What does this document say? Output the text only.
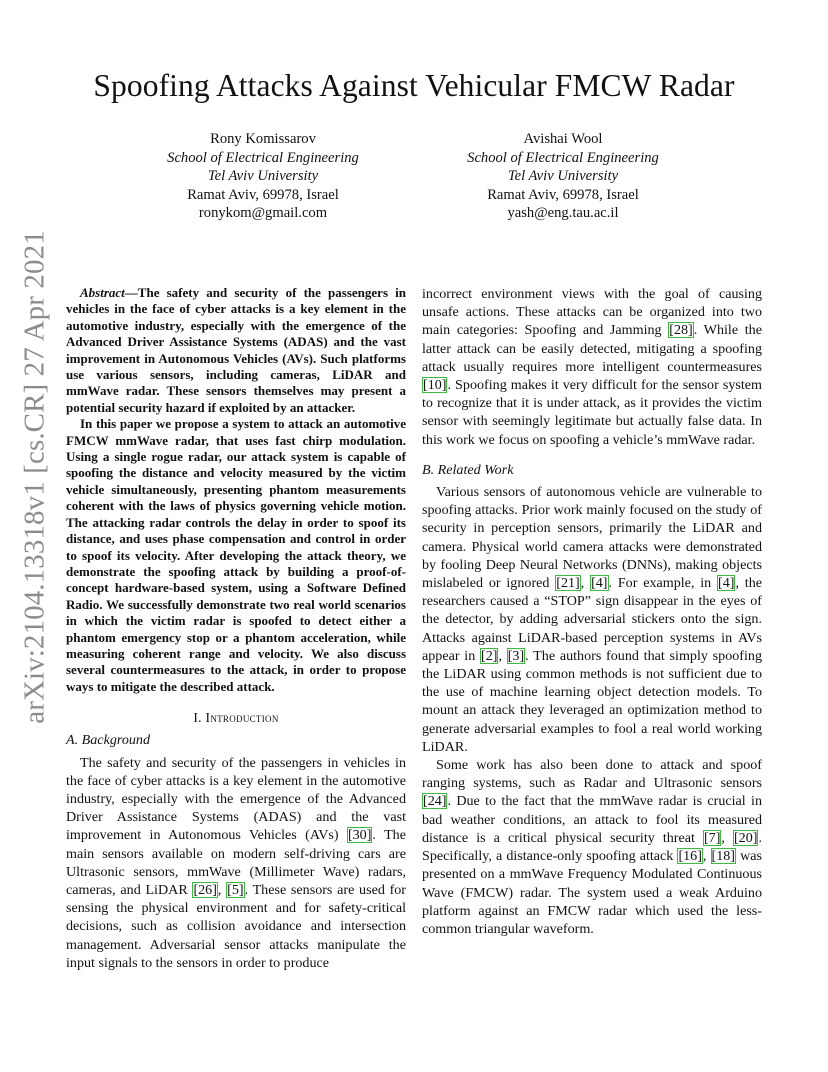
Spoofing Attacks Against Vehicular FMCW Radar
Rony Komissarov
School of Electrical Engineering
Tel Aviv University
Ramat Aviv, 69978, Israel
ronykom@gmail.com
Avishai Wool
School of Electrical Engineering
Tel Aviv University
Ramat Aviv, 69978, Israel
yash@eng.tau.ac.il
arXiv:2104.13318v1 [cs.CR] 27 Apr 2021	Abstract—The safety and security of the passengers in vehicles in the face of cyber attacks is a key element in the automotive industry, especially with the emergence of the Advanced Driver Assistance Systems (ADAS) and the vast improvement in Autonomous Vehicles (AVs). Such platforms use various sensors, including cameras, LiDAR and mmWave radar. These sensors themselves may present a potential security hazard if exploited by an attacker.

In this paper we propose a system to attack an automotive FMCW mmWave radar, that uses fast chirp modulation. Using a single rogue radar, our attack system is capable of spoofing the distance and velocity measured by the victim vehicle simultaneously, presenting phantom measurements coherent with the laws of physics governing vehicle motion. The attacking radar controls the delay in order to spoof its distance, and uses phase compensation and control in order to spoof its velocity. After developing the attack theory, we demonstrate the spoofing attack by building a proof-of-concept hardware-based system, using a Software Defined Radio. We successfully demonstrate two real world scenarios in which the victim radar is spoofed to detect either a phantom emergency stop or a phantom acceleration, while measuring coherent range and velocity. We also discuss several countermeasures to the attack, in order to propose ways to mitigate the described attack.

I. Introduction
A. Background

The safety and security of the passengers in vehicles in the face of cyber attacks is a key element in the automotive industry, especially with the emergence of the Advanced Driver Assistance Systems (ADAS) and the vast improvement in Autonomous Vehicles (AVs) [30]. The main sensors available on modern self-driving cars are Ultrasonic sensors, mmWave (Millimeter Wave) radars, cameras, and LiDAR [26], [5]. These sensors are used for sensing the physical environment and for safety-critical decisions, such as collision avoidance and intersection management. Adversarial sensor attacks manipulate the input signals to the sensors in order to produce

incorrect environment views with the goal of causing unsafe actions. These attacks can be organized into two main categories: Spoofing and Jamming [28]. While the latter attack can be easily detected, mitigating a spoofing attack usually requires more intelligent countermeasures [10]. Spoofing makes it very difficult for the sensor system to recognize that it is under attack, as it provides the victim sensor with seemingly legitimate but actually false data. In this work we focus on spoofing a vehicle’s mmWave radar.

B. Related Work

Various sensors of autonomous vehicle are vulnerable to spoofing attacks. Prior work mainly focused on the study of security in perception sensors, primarily the LiDAR and camera. Physical world camera attacks were demonstrated by fooling Deep Neural Networks (DNNs), making objects mislabeled or ignored [21], [4]. For example, in [4], the researchers caused a “STOP” sign disappear in the eyes of the detector, by adding adversarial stickers onto the sign. Attacks against LiDAR-based perception systems in AVs appear in [2], [3]. The authors found that simply spoofing the LiDAR using common methods is not sufficient due to the use of machine learning object detection models. To mount an attack they leveraged an optimization method to generate adversarial examples to fool a real world working LiDAR.

Some work has also been done to attack and spoof ranging systems, such as Radar and Ultrasonic sensors [24]. Due to the fact that the mmWave radar is crucial in bad weather conditions, an attack to fool its measured distance is a critical physical security threat [7], [20]. Specifically, a distance-only spoofing attack [16], [18] was presented on a mmWave Frequency Modulated Continuous Wave (FMCW) radar. The system used a weak Arduino platform against an FMCW radar which used the less-common triangular waveform.
